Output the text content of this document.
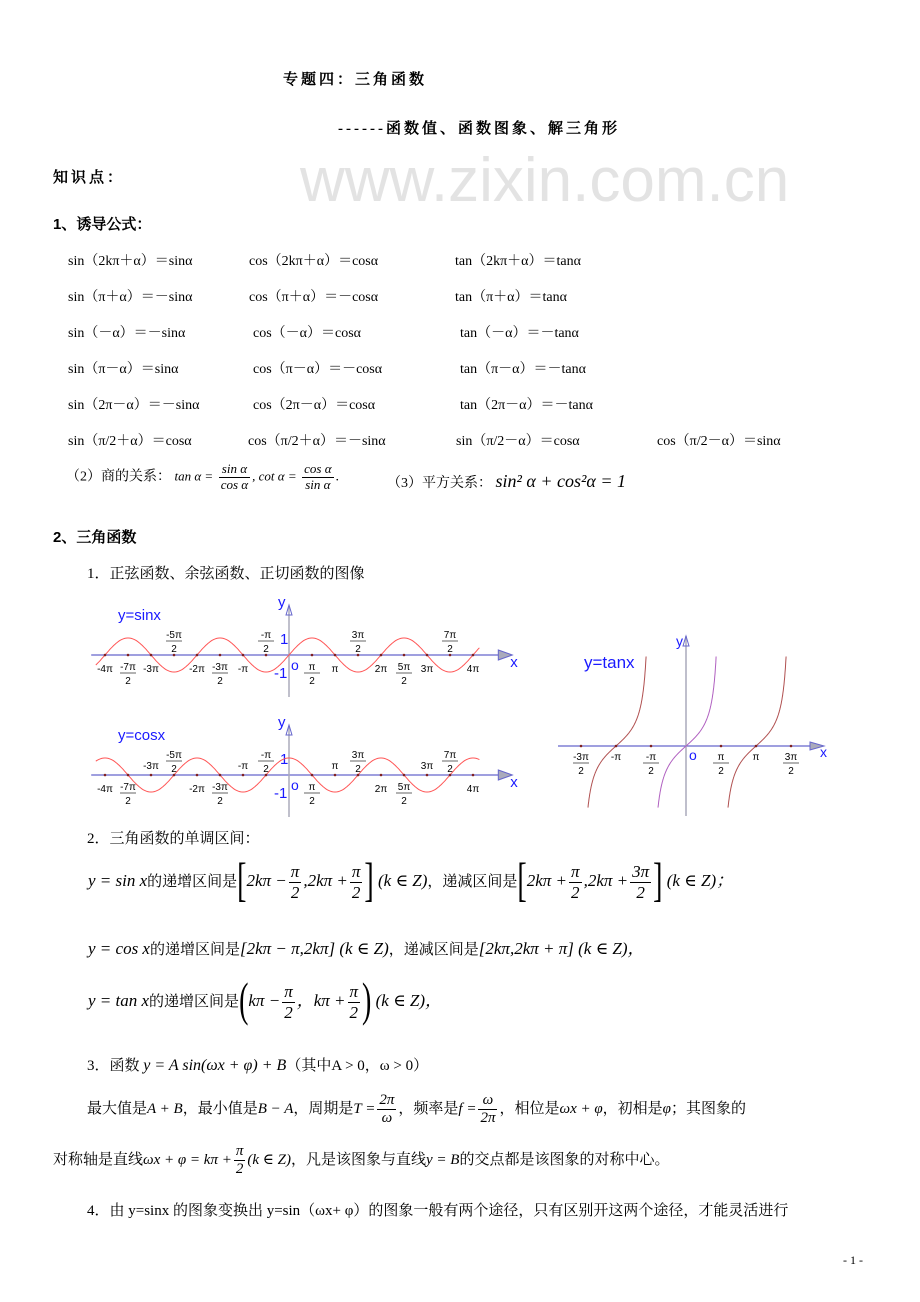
www.zixin.com.cn
专题四：三角函数
------函数值、函数图象、解三角形
知识点：
1、诱导公式：
sin（2kπ＋α）＝sinα	cos（2kπ＋α）＝cosα	tan（2kπ＋α）＝tanα
sin（π＋α）＝－sinα	cos（π＋α）＝－cosα	tan（π＋α）＝tanα
sin（－α）＝－sinα	cos（－α）＝cosα	tan（－α）＝－tanα
sin（π－α）＝sinα	cos（π－α）＝－cosα	tan（π－α）＝－tanα
sin（2π－α）＝－sinα	cos（2π－α）＝cosα	tan（2π－α）＝－tanα
sin（π/2＋α）＝cosα	cos（π/2＋α）＝－sinα	sin（π/2－α）＝cosα	cos（π/2－α）＝sinα
（2）商的关系： $\tan \alpha = \frac{\text{sin α}}{\text{cos α}}$ , $\cot \alpha = \frac{\text{cos α}}{\text{sin α}}$ .	（3）平方关系： sin² α + cos²α = 1
2、三角函数
1．正弦函数、余弦函数、正切函数的图像
y=sinx
x
y
o
1
-1
-4π -7π
2
-3π
-5π
2
-2π -3π
2
-π
-π
2
π
2
π
3π
2
2π 5π
2
3π
7π
2
4π
y=cosx
x
y
o
1
-1
-4π -7π
2
-3π
-5π
2
-2π -3π
2
-π
-π
2
π
2
π
3π
2
2π 5π
2
3π
7π
2
4π
y=tanx
x
y
o
-3π
2
-π -π
2
π
2
π	3π
2
2．三角函数的单调区间：
y = sin x的递增区间是[$2k\pi - \frac{\pi}{2} ,2k\pi + \frac{\pi}{2}$ ] (k ∈ Z)，递减区间是[$2k\pi + \frac{\pi}{2} ,2k\pi + \frac{3\pi}{2}$ ] (k ∈ Z)；
y = cos x的递增区间是[2kπ − π,2kπ] (k ∈ Z)，递减区间是[2kπ,2kπ + π] (k ∈ Z)，
y = tan x的递增区间是($k\pi - \frac{\pi}{2}$ ，$k\pi + \frac{\pi}{2}$ ) (k ∈ Z)，
3．函数 y = A sin(ωx + φ) + B（其中A > 0，ω > 0）
最大值是A + B，最小值是B − A，周期是$T = \frac{2\pi}{\omega}$ ，频率是$f = \frac{\omega}{2\pi}$ ，相位是ωx + φ，初相是φ；其图象的
对称轴是直线$\omega x + \varphi = k\pi + \frac{\pi}{2} (k$ ∈ Z)，凡是该图象与直线y = B的交点都是该图象的对称中心。
4．由 y=sinx 的图象变换出 y=sin（ωx+ φ）的图象一般有两个途径，只有区别开这两个途径，才能灵活进行
- 1 -
